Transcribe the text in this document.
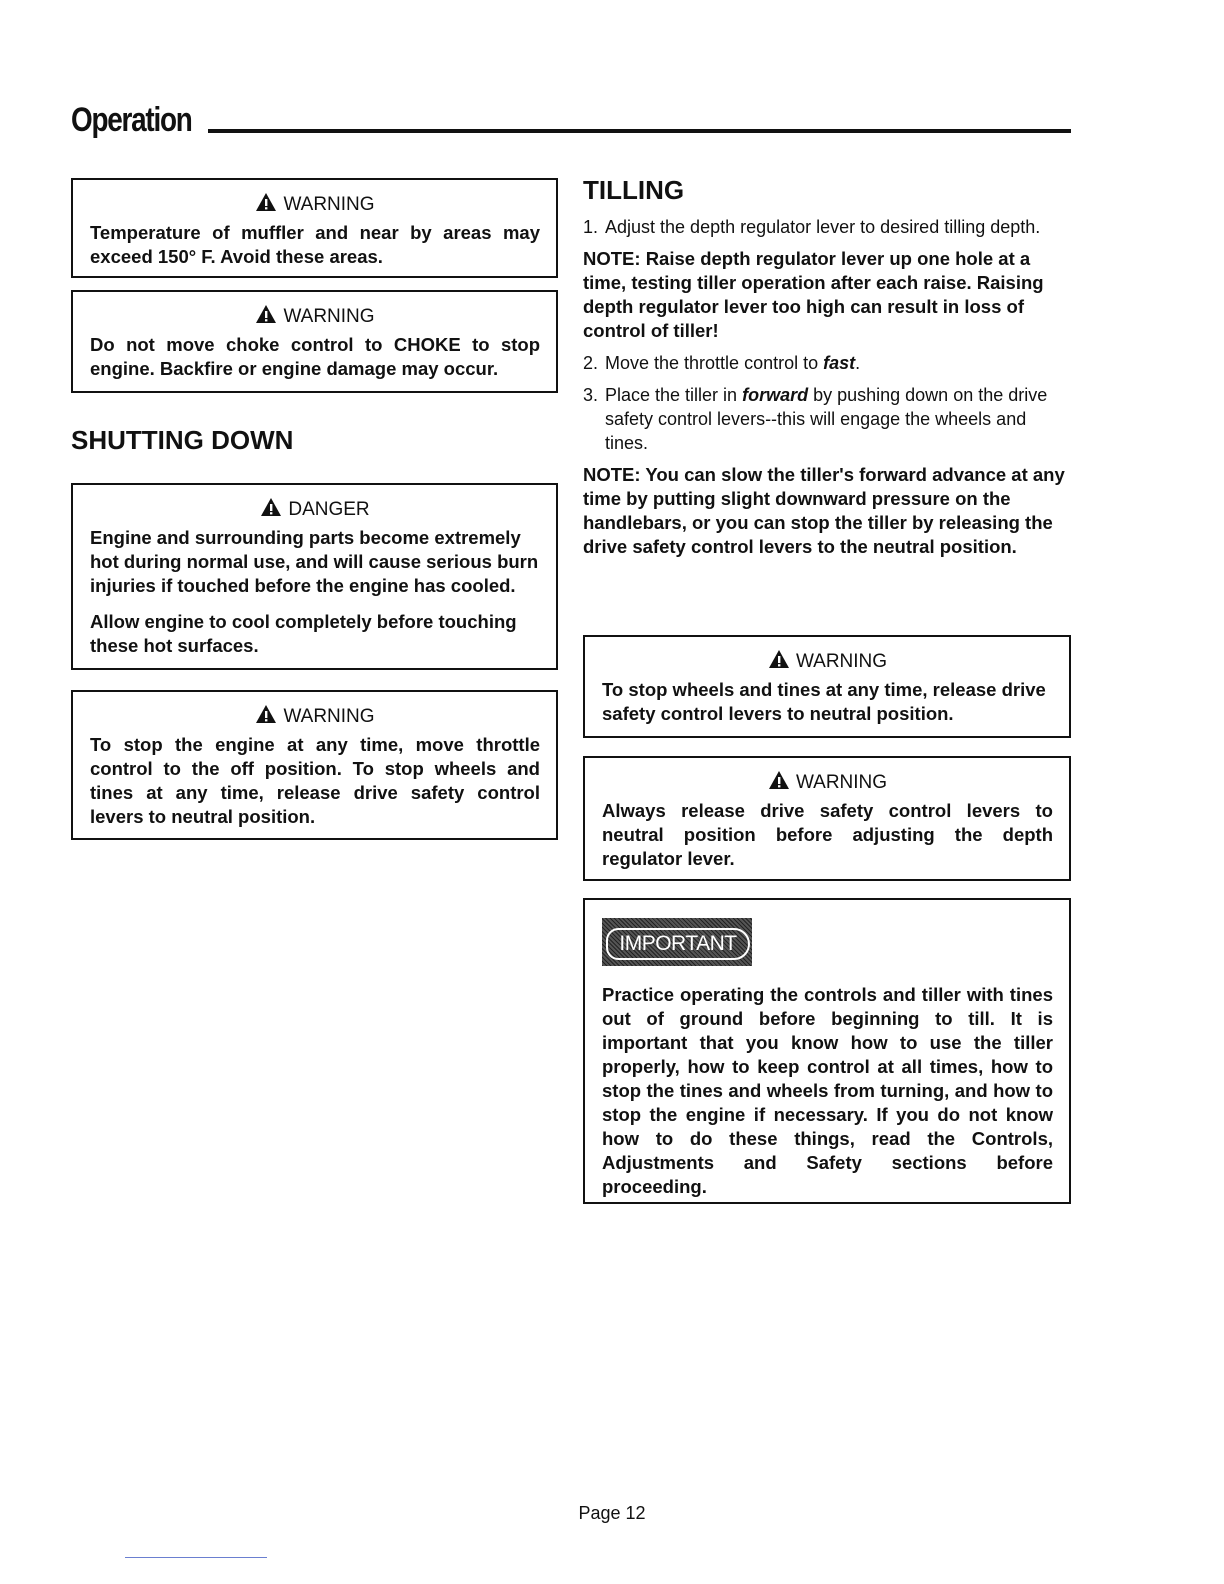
Operation
WARNING

Temperature of muffler and near by areas may exceed 150° F. Avoid these areas.

WARNING

Do not move choke control to CHOKE to stop engine. Backfire or engine damage may occur.

SHUTTING DOWN
DANGER

Engine and surrounding parts become extremely hot during normal use, and will cause serious burn injuries if touched before the engine has cooled.

Allow engine to cool completely before touching these hot surfaces.

WARNING

To stop the engine at any time, move throttle control to the off position. To stop wheels and tines at any time, release drive safety control levers to neutral position.

TILLING
1. Adjust the depth regulator lever to desired tilling depth.
NOTE: Raise depth regulator lever up one hole at a time, testing tiller operation after each raise. Raising depth regulator lever too high can result in loss of control of tiller!
2. Move the throttle control to fast.
3. Place the tiller in forward by pushing down on the drive safety control levers--this will engage the wheels and tines.
NOTE: You can slow the tiller's forward advance at any time by putting slight downward pressure on the handlebars, or you can stop the tiller by releasing the drive safety control levers to the neutral position.
WARNING

To stop wheels and tines at any time, release drive safety control levers to neutral position.

WARNING

Always release drive safety control levers to neutral position before adjusting the depth regulator lever.

IMPORTANT

Practice operating the controls and tiller with tines out of ground before beginning to till. It is important that you know how to use the tiller properly, how to keep control at all times, how to stop the tines and wheels from turning, and how to stop the engine if necessary. If you do not know how to do these things, read the Controls, Adjustments and Safety sections before proceeding.

Page 12
